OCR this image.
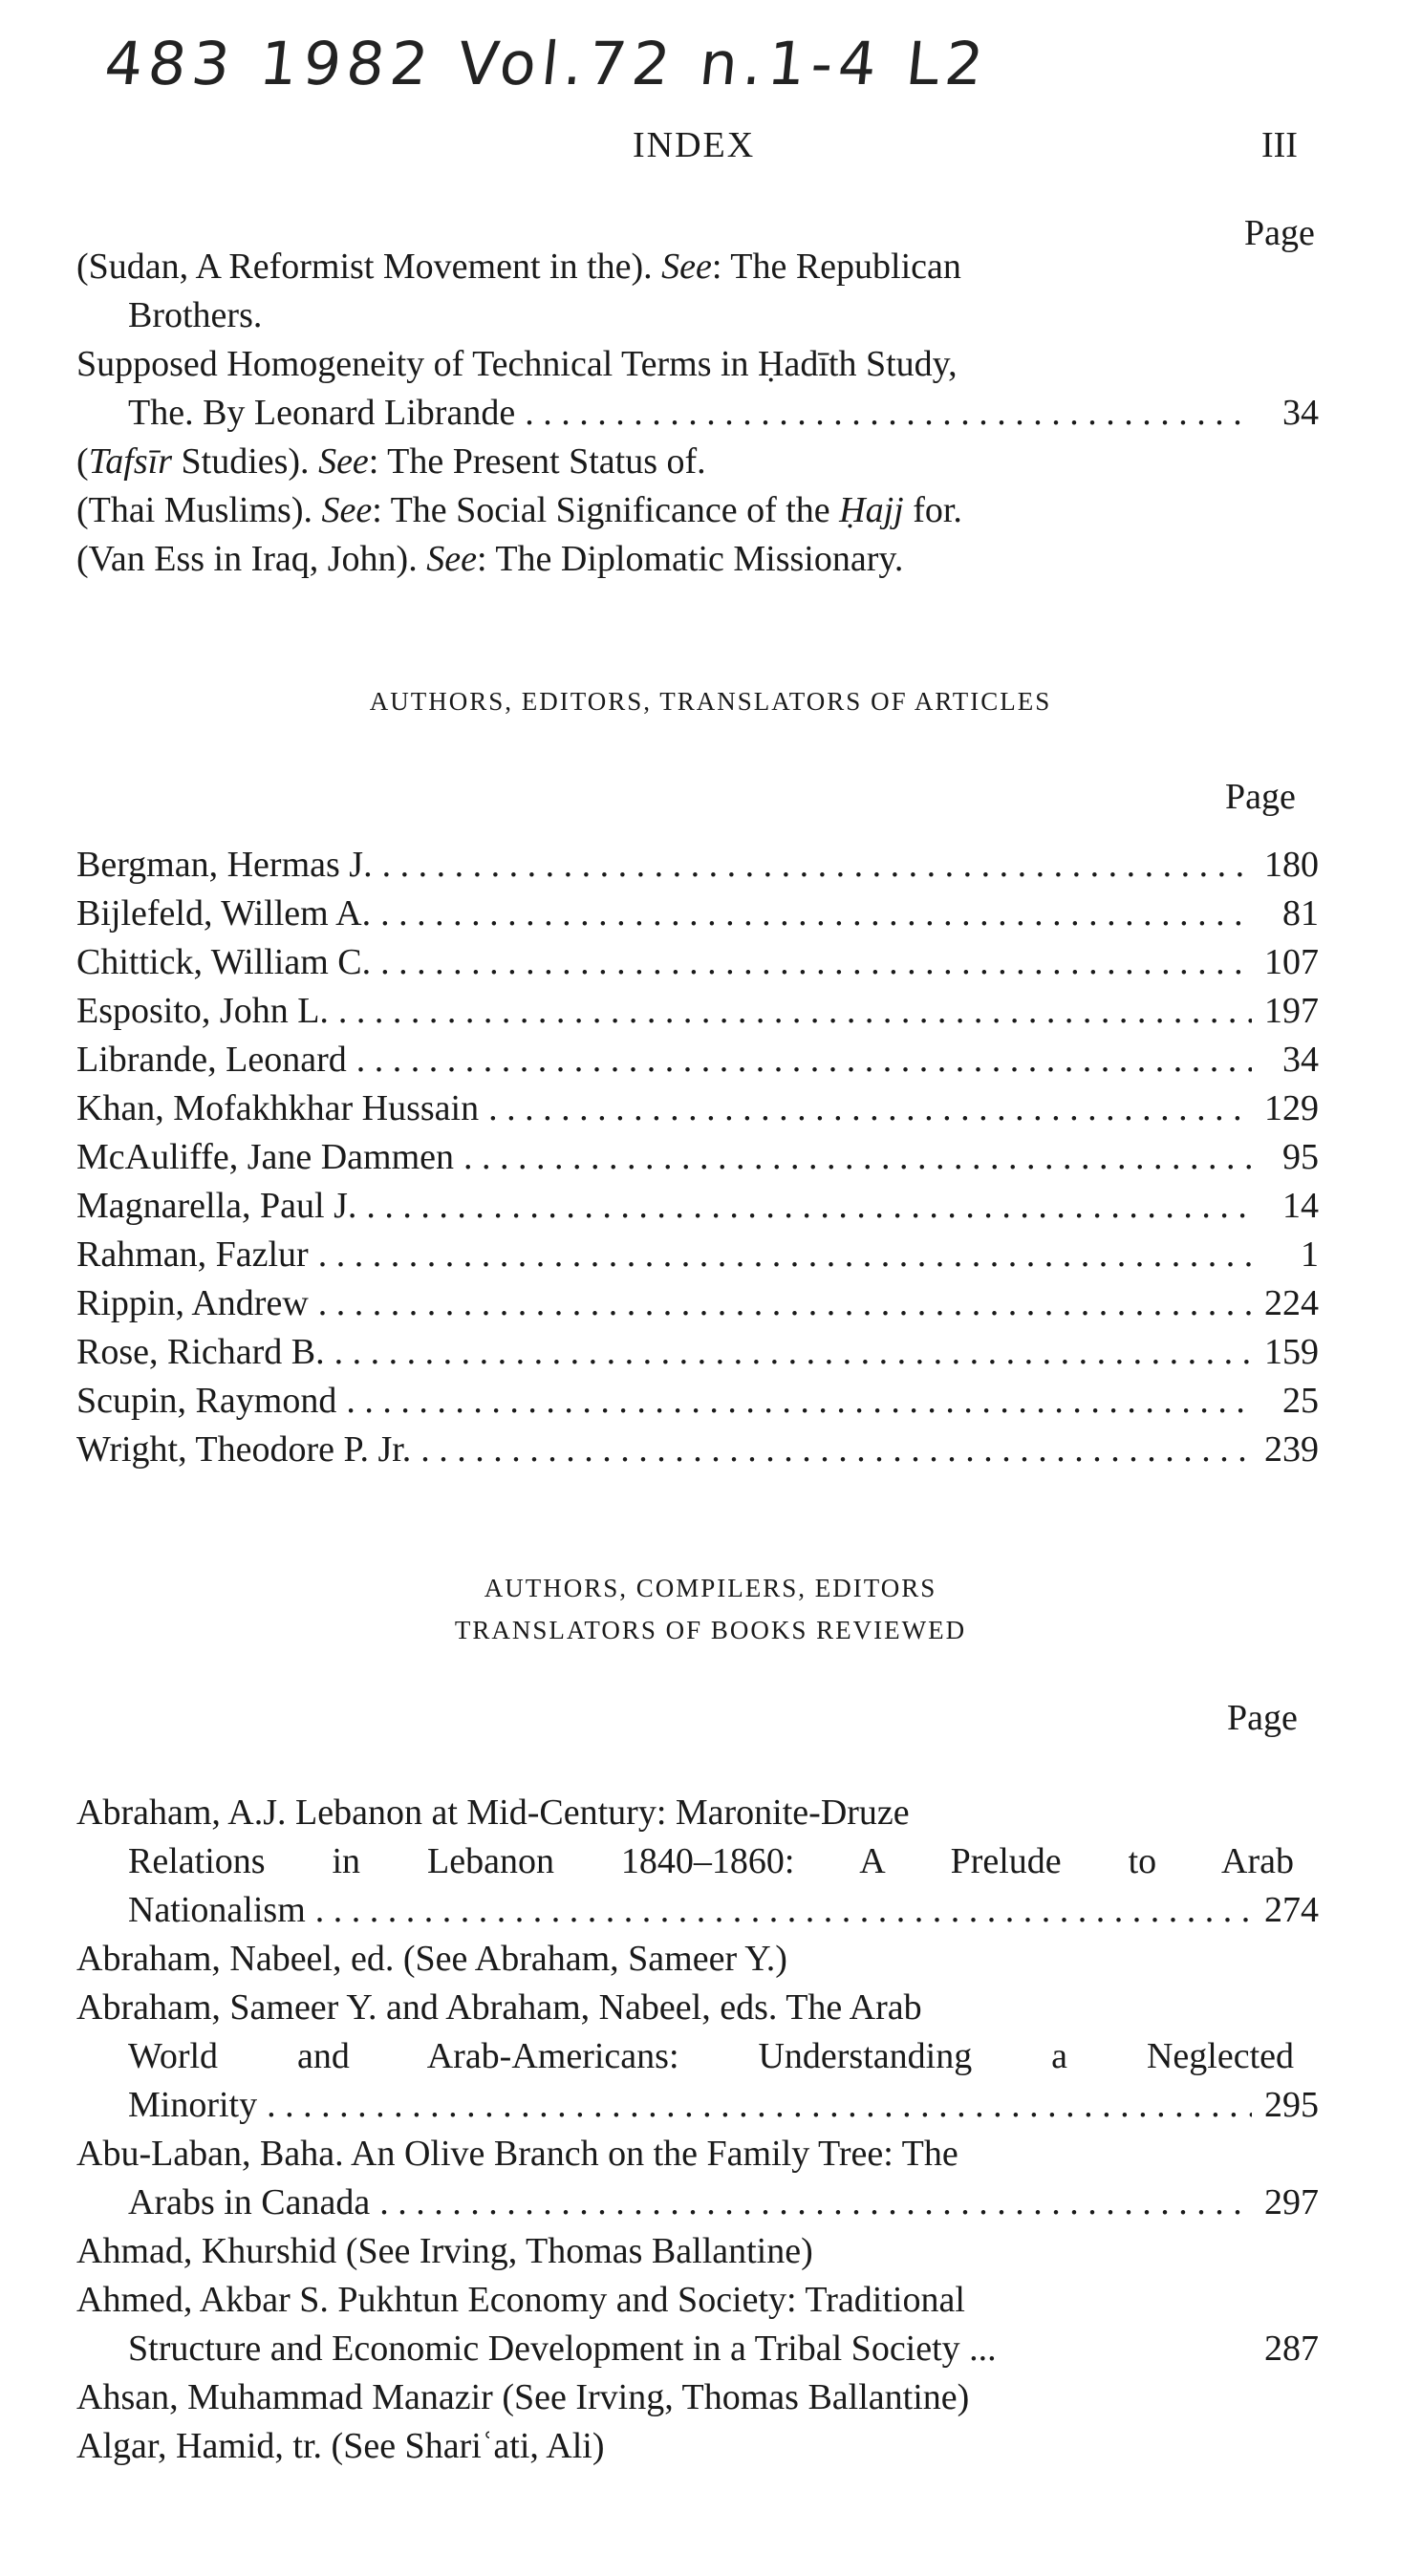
483 1982 Vol.72 n.1-4 L2
INDEX	III
Page
(Sudan, A Reformist Movement in the). See: The Republican
Brothers.
Supposed Homogeneity of Technical Terms in Ḥadīth Study,
The. By Leonard Librande . . .	34
(Tafsīr Studies). See: The Present Status of.
(Thai Muslims). See: The Social Significance of the Ḥajj for.
(Van Ess in Iraq, John). See: The Diplomatic Missionary.
AUTHORS, EDITORS, TRANSLATORS OF ARTICLES
Page
Bergman, Hermas J. . . .	180
Bijlefeld, Willem A. . . .	81
Chittick, William C. . . .	107
Esposito, John L. . . .	197
Librande, Leonard . . .	34
Khan, Mofakhkhar Hussain . . .	129
McAuliffe, Jane Dammen . . .	95
Magnarella, Paul J. . . .	14
Rahman, Fazlur . . .	1
Rippin, Andrew . . .	224
Rose, Richard B. . . .	159
Scupin, Raymond . . .	25
Wright, Theodore P. Jr. . . .	239
AUTHORS, COMPILERS, EDITORS
TRANSLATORS OF BOOKS REVIEWED
Page
Abraham, A.J. Lebanon at Mid-Century: Maronite-Druze
Relations in Lebanon 1840–1860: A Prelude to Arab
Nationalism . . .	274
Abraham, Nabeel, ed. (See Abraham, Sameer Y.)
Abraham, Sameer Y. and Abraham, Nabeel, eds. The Arab
World and Arab-Americans: Understanding a Neglected
Minority . . .	295
Abu-Laban, Baha. An Olive Branch on the Family Tree: The
Arabs in Canada . . .	297
Ahmad, Khurshid (See Irving, Thomas Ballantine)
Ahmed, Akbar S. Pukhtun Economy and Society: Traditional
Structure and Economic Development in a Tribal Society ...	287
Ahsan, Muhammad Manazir (See Irving, Thomas Ballantine)
Algar, Hamid, tr. (See Shariʿati, Ali)
